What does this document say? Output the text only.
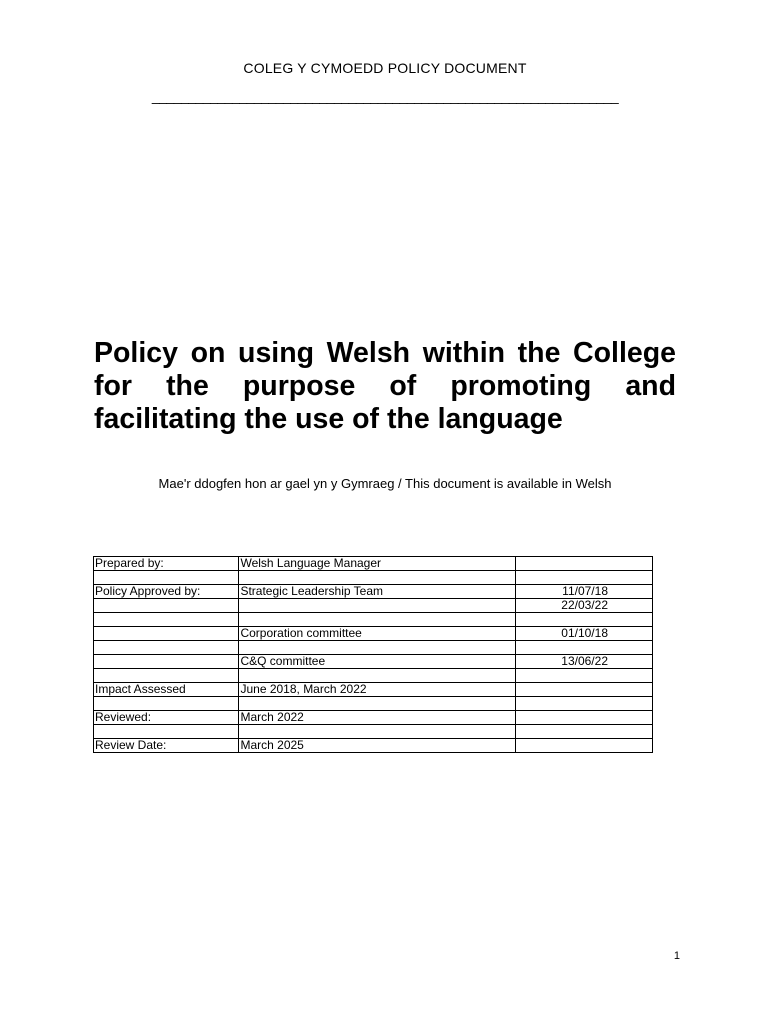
COLEG Y CYMOEDD POLICY DOCUMENT
________________________________________________________________
Policy on using Welsh within the College for the purpose of promoting and facilitating the use of the language
Mae'r ddogfen hon ar gael yn y Gymraeg / This document is available in Welsh
Prepared by:	Welsh Language Manager	

Policy Approved by:	Strategic Leadership Team	11/07/18
		22/03/22

	Corporation committee	01/10/18

	C&Q committee	13/06/22

Impact Assessed	June 2018, March 2022	

Reviewed:	March 2022	

Review Date:	March 2025	
1
